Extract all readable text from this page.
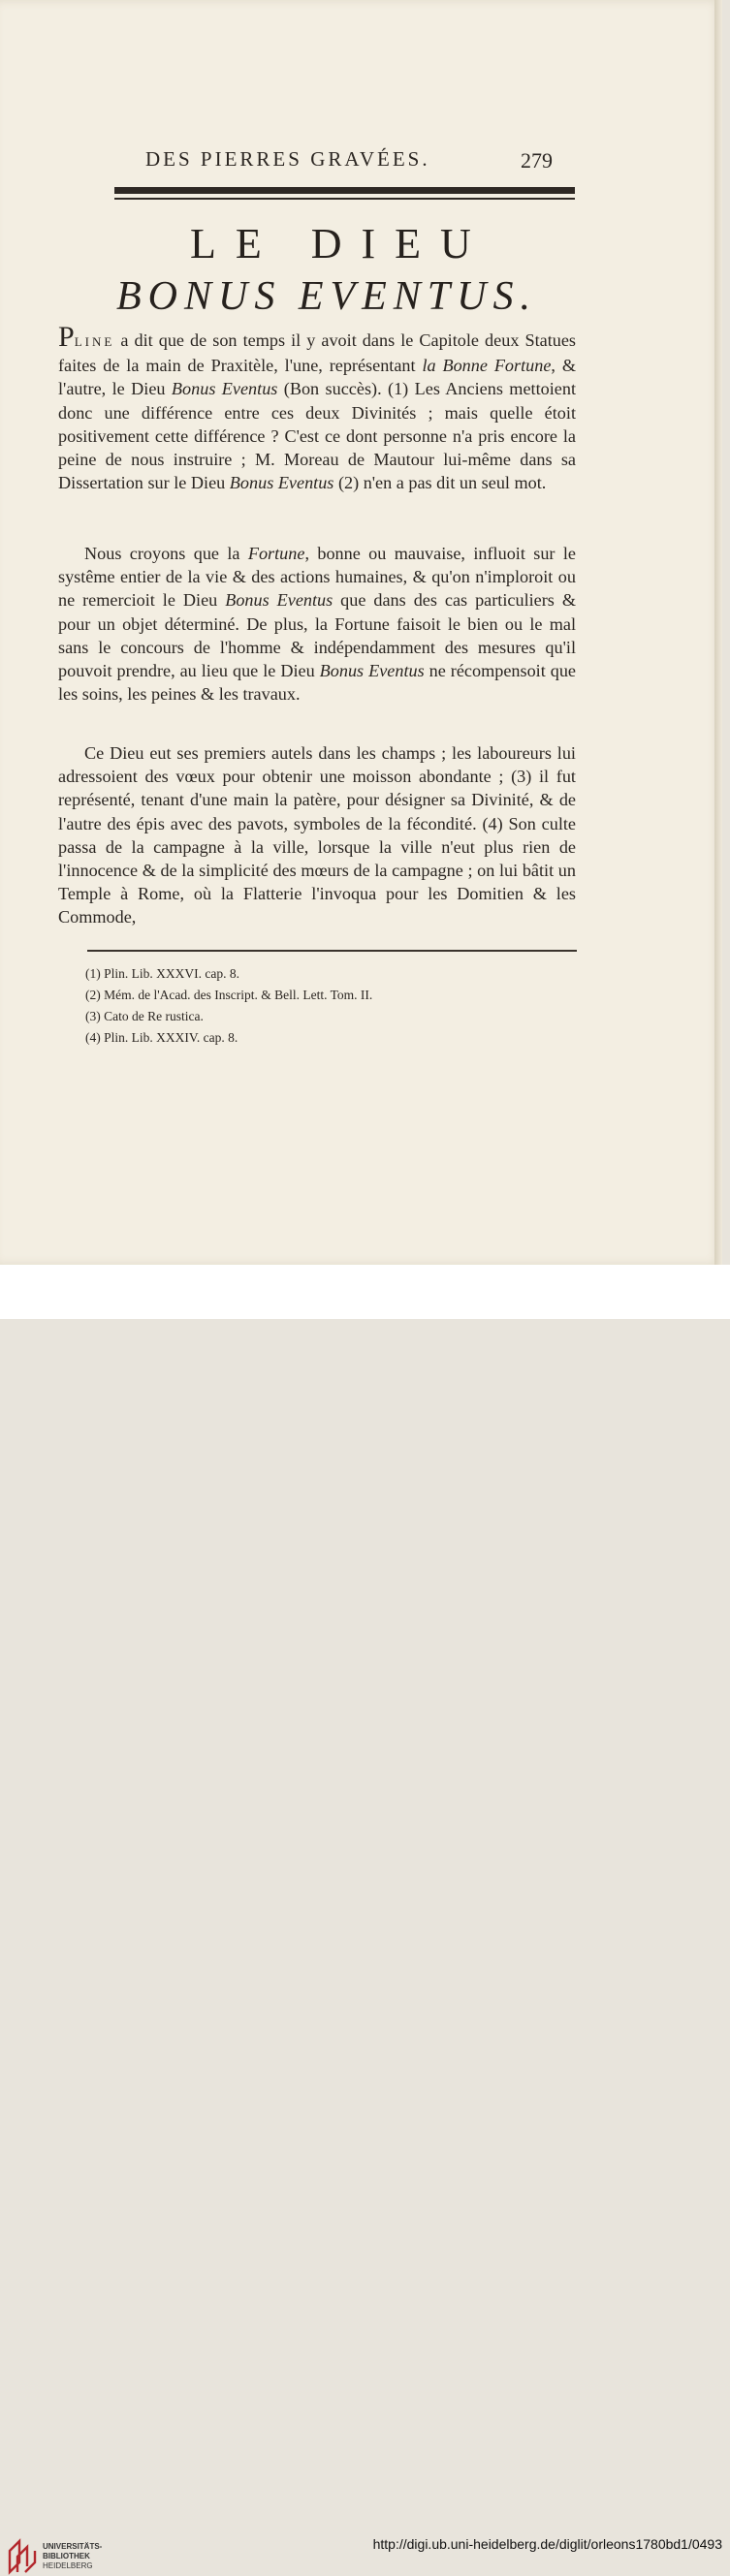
DES PIERRES GRAVÉES.	279
LE DIEU
BONUS EVENTUS.
PLINE a dit que de son temps il y avoit dans le Capitole deux Statues faites de la main de Praxitèle, l'une, représentant la Bonne Fortune, & l'autre, le Dieu Bonus Eventus (Bon succès). (1) Les Anciens mettoient donc une différence entre ces deux Divinités ; mais quelle étoit positivement cette différence ? C'est ce dont personne n'a pris encore la peine de nous instruire ; M. Moreau de Mautour lui-même dans sa Dissertation sur le Dieu Bonus Eventus (2) n'en a pas dit un seul mot.
Nous croyons que la Fortune, bonne ou mauvaise, influoit sur le systême entier de la vie & des actions humaines, & qu'on n'imploroit ou ne remercioit le Dieu Bonus Eventus que dans des cas particuliers & pour un objet déterminé. De plus, la Fortune faisoit le bien ou le mal sans le concours de l'homme & indépendamment des mesures qu'il pouvoit prendre, au lieu que le Dieu Bonus Eventus ne récompensoit que les soins, les peines & les travaux.
Ce Dieu eut ses premiers autels dans les champs ; les laboureurs lui adressoient des vœux pour obtenir une moisson abondante ; (3) il fut représenté, tenant d'une main la patère, pour désigner sa Divinité, & de l'autre des épis avec des pavots, symboles de la fécondité. (4) Son culte passa de la campagne à la ville, lorsque la ville n'eut plus rien de l'innocence & de la simplicité des mœurs de la campagne ; on lui bâtit un Temple à Rome, où la Flatterie l'invoqua pour les Domitien & les Commode,
(1) Plin. Lib. XXXVI. cap. 8.
(2) Mém. de l'Acad. des Inscript. & Bell. Lett. Tom. II.
(3) Cato de Re rustica.
(4) Plin. Lib. XXXIV. cap. 8.
UNIVERSITÄTS-
BIBLIOTHEK
HEIDELBERG
http://digi.ub.uni-heidelberg.de/diglit/orleons1780bd1/0493
